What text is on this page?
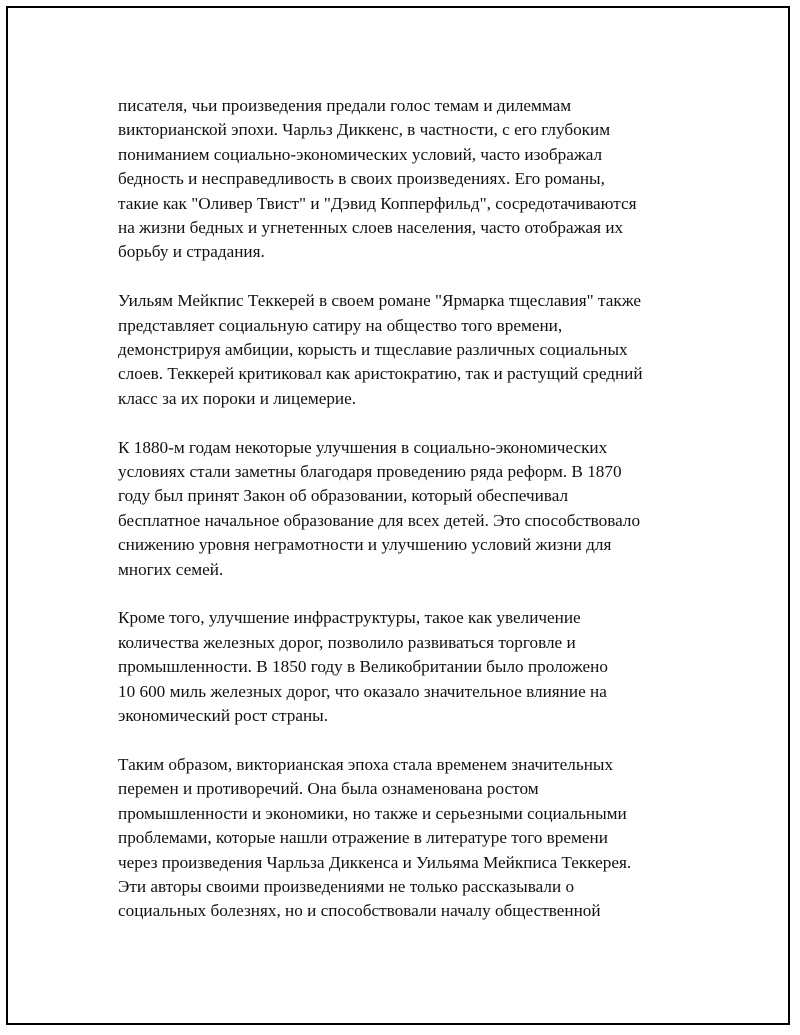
писателя, чьи произведения предали голос темам и дилеммам
викторианской эпохи. Чарльз Диккенс, в частности, с его глубоким
пониманием социально-экономических условий, часто изображал
бедность и несправедливость в своих произведениях. Его романы,
такие как "Оливер Твист" и "Дэвид Копперфильд", сосредотачиваются
на жизни бедных и угнетенных слоев населения, часто отображая их
борьбу и страдания.

Уильям Мейкпис Теккерей в своем романе "Ярмарка тщеславия" также
представляет социальную сатиру на общество того времени,
демонстрируя амбиции, корысть и тщеславие различных социальных
слоев. Теккерей критиковал как аристократию, так и растущий средний
класс за их пороки и лицемерие.

К 1880-м годам некоторые улучшения в социально-экономических
условиях стали заметны благодаря проведению ряда реформ. В 1870
году был принят Закон об образовании, который обеспечивал
бесплатное начальное образование для всех детей. Это способствовало
снижению уровня неграмотности и улучшению условий жизни для
многих семей.

Кроме того, улучшение инфраструктуры, такое как увеличение
количества железных дорог, позволило развиваться торговле и
промышленности. В 1850 году в Великобритании было проложено
10 600 миль железных дорог, что оказало значительное влияние на
экономический рост страны.

Таким образом, викторианская эпоха стала временем значительных
перемен и противоречий. Она была ознаменована ростом
промышленности и экономики, но также и серьезными социальными
проблемами, которые нашли отражение в литературе того времени
через произведения Чарльза Диккенса и Уильяма Мейкписа Теккерея.
Эти авторы своими произведениями не только рассказывали о
социальных болезнях, но и способствовали началу общественной
